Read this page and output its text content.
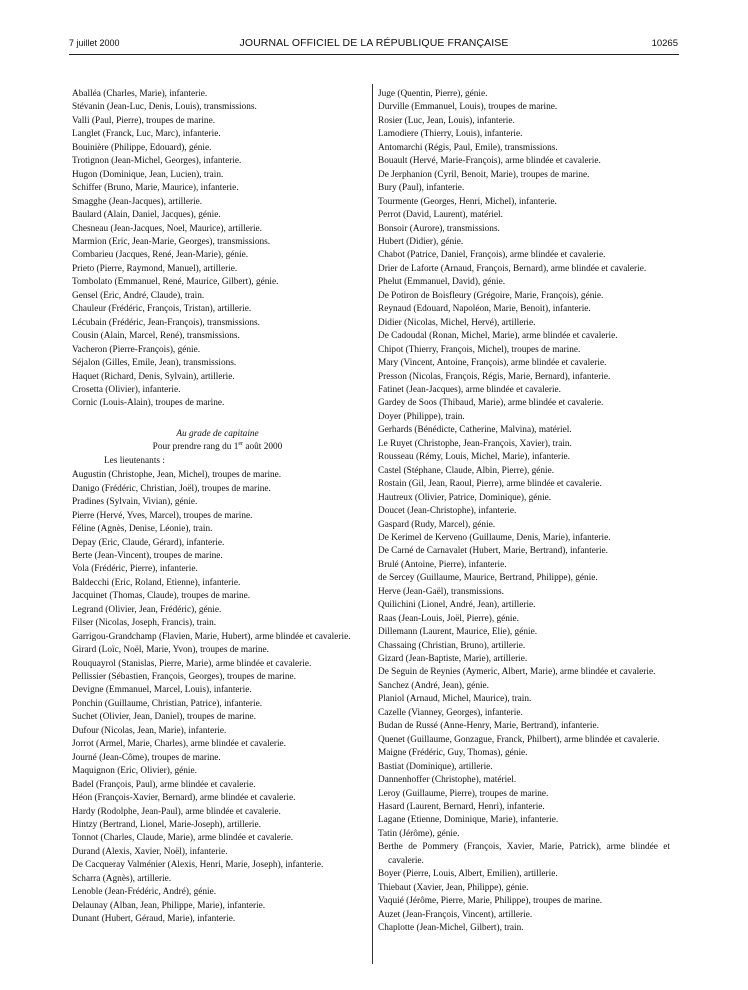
7 juillet 2000	JOURNAL OFFICIEL DE LA RÉPUBLIQUE FRANÇAISE	10265
Aballéa (Charles, Marie), infanterie.
Stévanin (Jean-Luc, Denis, Louis), transmissions.
Valli (Paul, Pierre), troupes de marine.
Langlet (Franck, Luc, Marc), infanterie.
Bouinière (Philippe, Edouard), génie.
Trotignon (Jean-Michel, Georges), infanterie.
Hugon (Dominique, Jean, Lucien), train.
Schiffer (Bruno, Marie, Maurice), infanterie.
Smagghe (Jean-Jacques), artillerie.
Baulard (Alain, Daniel, Jacques), génie.
Chesneau (Jean-Jacques, Noel, Maurice), artillerie.
Marmion (Eric, Jean-Marie, Georges), transmissions.
Combarieu (Jacques, René, Jean-Marie), génie.
Prieto (Pierre, Raymond, Manuel), artillerie.
Tombolato (Emmanuel, René, Maurice, Gilbert), génie.
Gensel (Eric, André, Claude), train.
Chauleur (Frédéric, François, Tristan), artillerie.
Lécubain (Frédéric, Jean-François), transmissions.
Cousin (Alain, Marcel, René), transmissions.
Vacheron (Pierre-François), génie.
Séjalon (Gilles, Emile, Jean), transmissions.
Haquet (Richard, Denis, Sylvain), artillerie.
Crosetta (Olivier), infanterie.
Cornic (Louis-Alain), troupes de marine.
Au grade de capitaine
Pour prendre rang du 1er août 2000
Les lieutenants :
Augustin (Christophe, Jean, Michel), troupes de marine.
Danigo (Frédéric, Christian, Joël), troupes de marine.
Pradines (Sylvain, Vivian), génie.
Pierre (Hervé, Yves, Marcel), troupes de marine.
Féline (Agnès, Denise, Léonie), train.
Depay (Eric, Claude, Gérard), infanterie.
Berte (Jean-Vincent), troupes de marine.
Vola (Frédéric, Pierre), infanterie.
Baldecchi (Eric, Roland, Etienne), infanterie.
Jacquinet (Thomas, Claude), troupes de marine.
Legrand (Olivier, Jean, Frédéric), génie.
Filser (Nicolas, Joseph, Francis), train.
Garrigou-Grandchamp (Flavien, Marie, Hubert), arme blindée et cavalerie.
Girard (Loïc, Noël, Marie, Yvon), troupes de marine.
Rouquayrol (Stanislas, Pierre, Marie), arme blindée et cavalerie.
Pellissier (Sébastien, François, Georges), troupes de marine.
Devigne (Emmanuel, Marcel, Louis), infanterie.
Ponchin (Guillaume, Christian, Patrice), infanterie.
Suchet (Olivier, Jean, Daniel), troupes de marine.
Dufour (Nicolas, Jean, Marie), infanterie.
Jorrot (Armel, Marie, Charles), arme blindée et cavalerie.
Journé (Jean-Côme), troupes de marine.
Maquignon (Eric, Olivier), génie.
Badel (François, Paul), arme blindée et cavalerie.
Héon (François-Xavier, Bernard), arme blindée et cavalerie.
Hardy (Rodolphe, Jean-Paul), arme blindée et cavalerie.
Hintzy (Bertrand, Lionel, Marie-Joseph), artillerie.
Tonnot (Charles, Claude, Marie), arme blindée et cavalerie.
Durand (Alexis, Xavier, Noël), infanterie.
De Cacqueray Valménier (Alexis, Henri, Marie, Joseph), infanterie.
Scharra (Agnès), artillerie.
Lenoble (Jean-Frédéric, André), génie.
Delaunay (Alban, Jean, Philippe, Marie), infanterie.
Dunant (Hubert, Géraud, Marie), infanterie.
Juge (Quentin, Pierre), génie.
Durville (Emmanuel, Louis), troupes de marine.
Rosier (Luc, Jean, Louis), infanterie.
Lamodiere (Thierry, Louis), infanterie.
Antomarchi (Régis, Paul, Emile), transmissions.
Bouault (Hervé, Marie-François), arme blindée et cavalerie.
De Jerphanion (Cyril, Benoit, Marie), troupes de marine.
Bury (Paul), infanterie.
Tourmente (Georges, Henri, Michel), infanterie.
Perrot (David, Laurent), matériel.
Bonsoir (Aurore), transmissions.
Hubert (Didier), génie.
Chabot (Patrice, Daniel, François), arme blindée et cavalerie.
Drier de Laforte (Arnaud, François, Bernard), arme blindée et cavalerie.
Phelut (Emmanuel, David), génie.
De Potiron de Boisfleury (Grégoire, Marie, François), génie.
Reynaud (Edouard, Napoléon, Marie, Benoit), infanterie.
Didier (Nicolas, Michel, Hervé), artillerie.
De Cadoudal (Ronan, Michel, Marie), arme blindée et cavalerie.
Chipot (Thierry, François, Michel), troupes de marine.
Mary (Vincent, Antoine, François), arme blindée et cavalerie.
Presson (Nicolas, François, Régis, Marie, Bernard), infanterie.
Fatinet (Jean-Jacques), arme blindée et cavalerie.
Gardey de Soos (Thibaud, Marie), arme blindée et cavalerie.
Doyer (Philippe), train.
Gerhards (Bénédicte, Catherine, Malvina), matériel.
Le Ruyet (Christophe, Jean-François, Xavier), train.
Rousseau (Rémy, Louis, Michel, Marie), infanterie.
Castel (Stéphane, Claude, Albin, Pierre), génie.
Rostain (Gil, Jean, Raoul, Pierre), arme blindée et cavalerie.
Hautreux (Olivier, Patrice, Dominique), génie.
Doucet (Jean-Christophe), infanterie.
Gaspard (Rudy, Marcel), génie.
De Kerimel de Kerveno (Guillaume, Denis, Marie), infanterie.
De Carné de Carnavalet (Hubert, Marie, Bertrand), infanterie.
Brulé (Antoine, Pierre), infanterie.
de Sercey (Guillaume, Maurice, Bertrand, Philippe), génie.
Herve (Jean-Gaël), transmissions.
Quilichini (Lionel, André, Jean), artillerie.
Raas (Jean-Louis, Joël, Pierre), génie.
Dillemann (Laurent, Maurice, Elie), génie.
Chassaing (Christian, Bruno), artillerie.
Gizard (Jean-Baptiste, Marie), artillerie.
De Seguin de Reynies (Aymeric, Albert, Marie), arme blindée et cavalerie.
Sanchez (André, Jean), génie.
Planiol (Arnaud, Michel, Maurice), train.
Cazelle (Vianney, Georges), infanterie.
Budan de Russé (Anne-Henry, Marie, Bertrand), infanterie.
Quenet (Guillaume, Gonzague, Franck, Philbert), arme blindée et cavalerie.
Maigne (Frédéric, Guy, Thomas), génie.
Bastiat (Dominique), artillerie.
Dannenhoffer (Christophe), matériel.
Leroy (Guillaume, Pierre), troupes de marine.
Hasard (Laurent, Bernard, Henri), infanterie.
Lagane (Etienne, Dominique, Marie), infanterie.
Tatin (Jérôme), génie.
Berthe de Pommery (François, Xavier, Marie, Patrick), arme blindée et cavalerie.
Boyer (Pierre, Louis, Albert, Emilien), artillerie.
Thiebaut (Xavier, Jean, Philippe), génie.
Vaquié (Jérôme, Pierre, Marie, Philippe), troupes de marine.
Auzet (Jean-François, Vincent), artillerie.
Chaplotte (Jean-Michel, Gilbert), train.
